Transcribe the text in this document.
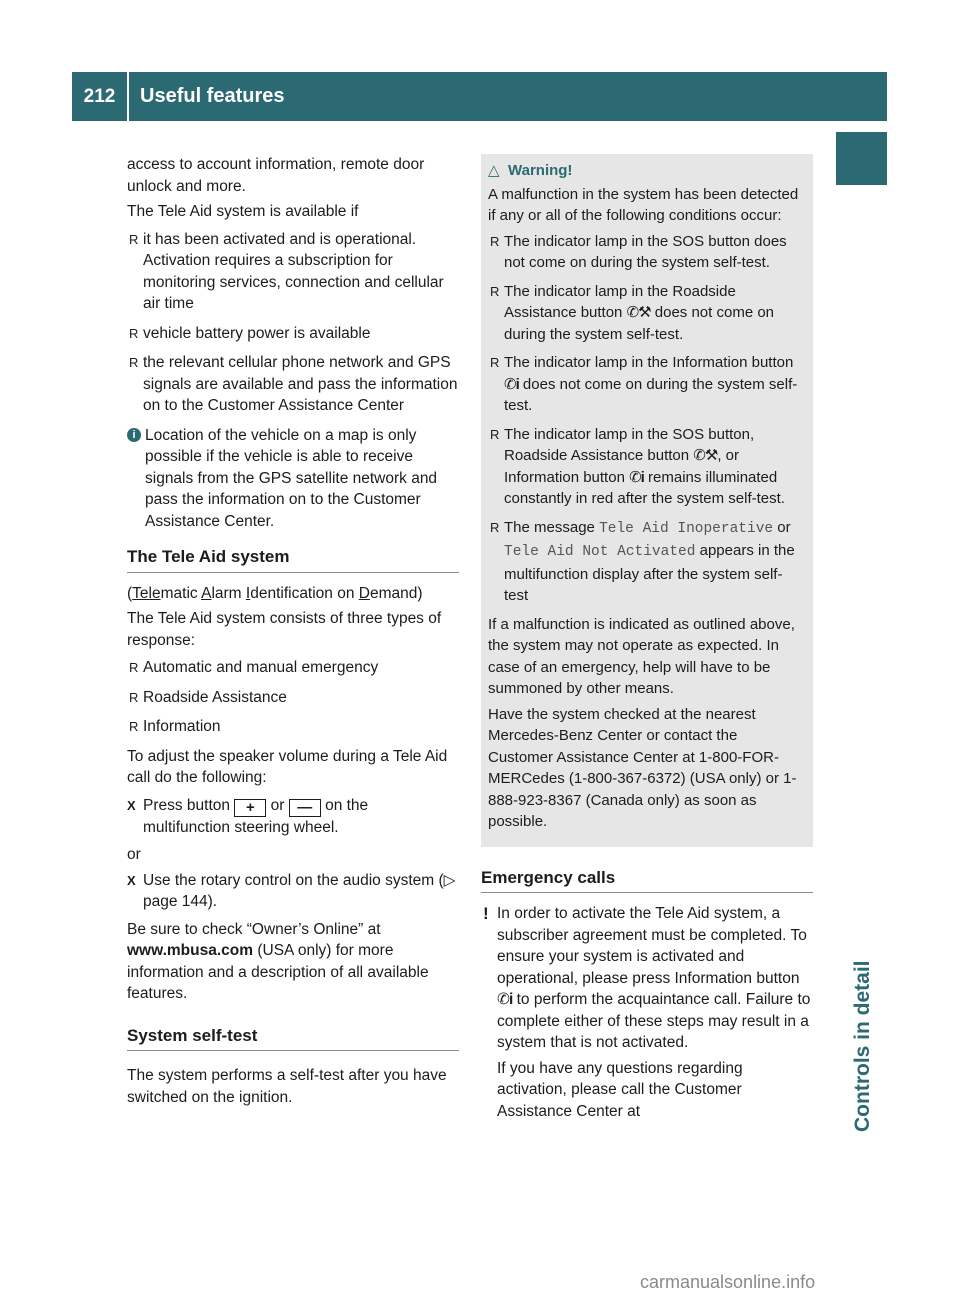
212	Useful features
Controls in detail

access to account information, remote door unlock and more.

The Tele Aid system is available if

R it has been activated and is operational. Activation requires a subscription for monitoring services, connection and cellular air time
R vehicle battery power is available
R the relevant cellular phone network and GPS signals are available and pass the information on to the Customer Assistance Center
i Location of the vehicle on a map is only possible if the vehicle is able to receive signals from the GPS satellite network and pass the information on to the Customer Assistance Center.
The Tele Aid system

(Telematic Alarm Identification on Demand)

The Tele Aid system consists of three types of response:

R Automatic and manual emergency
R Roadside Assistance
R Information

To adjust the speaker volume during a Tele Aid call do the following:

X Press button + or — on the multifunction steering wheel.

or

X Use the rotary control on the audio system (▷ page 144).

Be sure to check “Owner’s Online” at www.mbusa.com (USA only) for more information and a description of all available features.

System self-test

The system performs a self-test after you have switched on the ignition.

△ Warning!

A malfunction in the system has been detected if any or all of the following conditions occur:

R The indicator lamp in the SOS button does not come on during the system self-test.
R The indicator lamp in the Roadside Assistance button ✆⚒ does not come on during the system self-test.
R The indicator lamp in the Information button ✆i does not come on during the system self-test.
R The indicator lamp in the SOS button, Roadside Assistance button ✆⚒, or Information button ✆i remains illuminated constantly in red after the system self-test.
R The message Tele Aid Inoperative or Tele Aid Not Activated appears in the multifunction display after the system self-test

If a malfunction is indicated as outlined above, the system may not operate as expected. In case of an emergency, help will have to be summoned by other means.

Have the system checked at the nearest Mercedes-Benz Center or contact the Customer Assistance Center at 1-800-FOR-MERCedes (1-800-367-6372) (USA only) or 1-888-923-8367 (Canada only) as soon as possible.

Emergency calls
! In order to activate the Tele Aid system, a subscriber agreement must be completed. To ensure your system is activated and operational, please press Information button ✆i to perform the acquaintance call. Failure to complete either of these steps may result in a system that is not activated.

If you have any questions regarding activation, please call the Customer Assistance Center at

carmanualsonline.info
